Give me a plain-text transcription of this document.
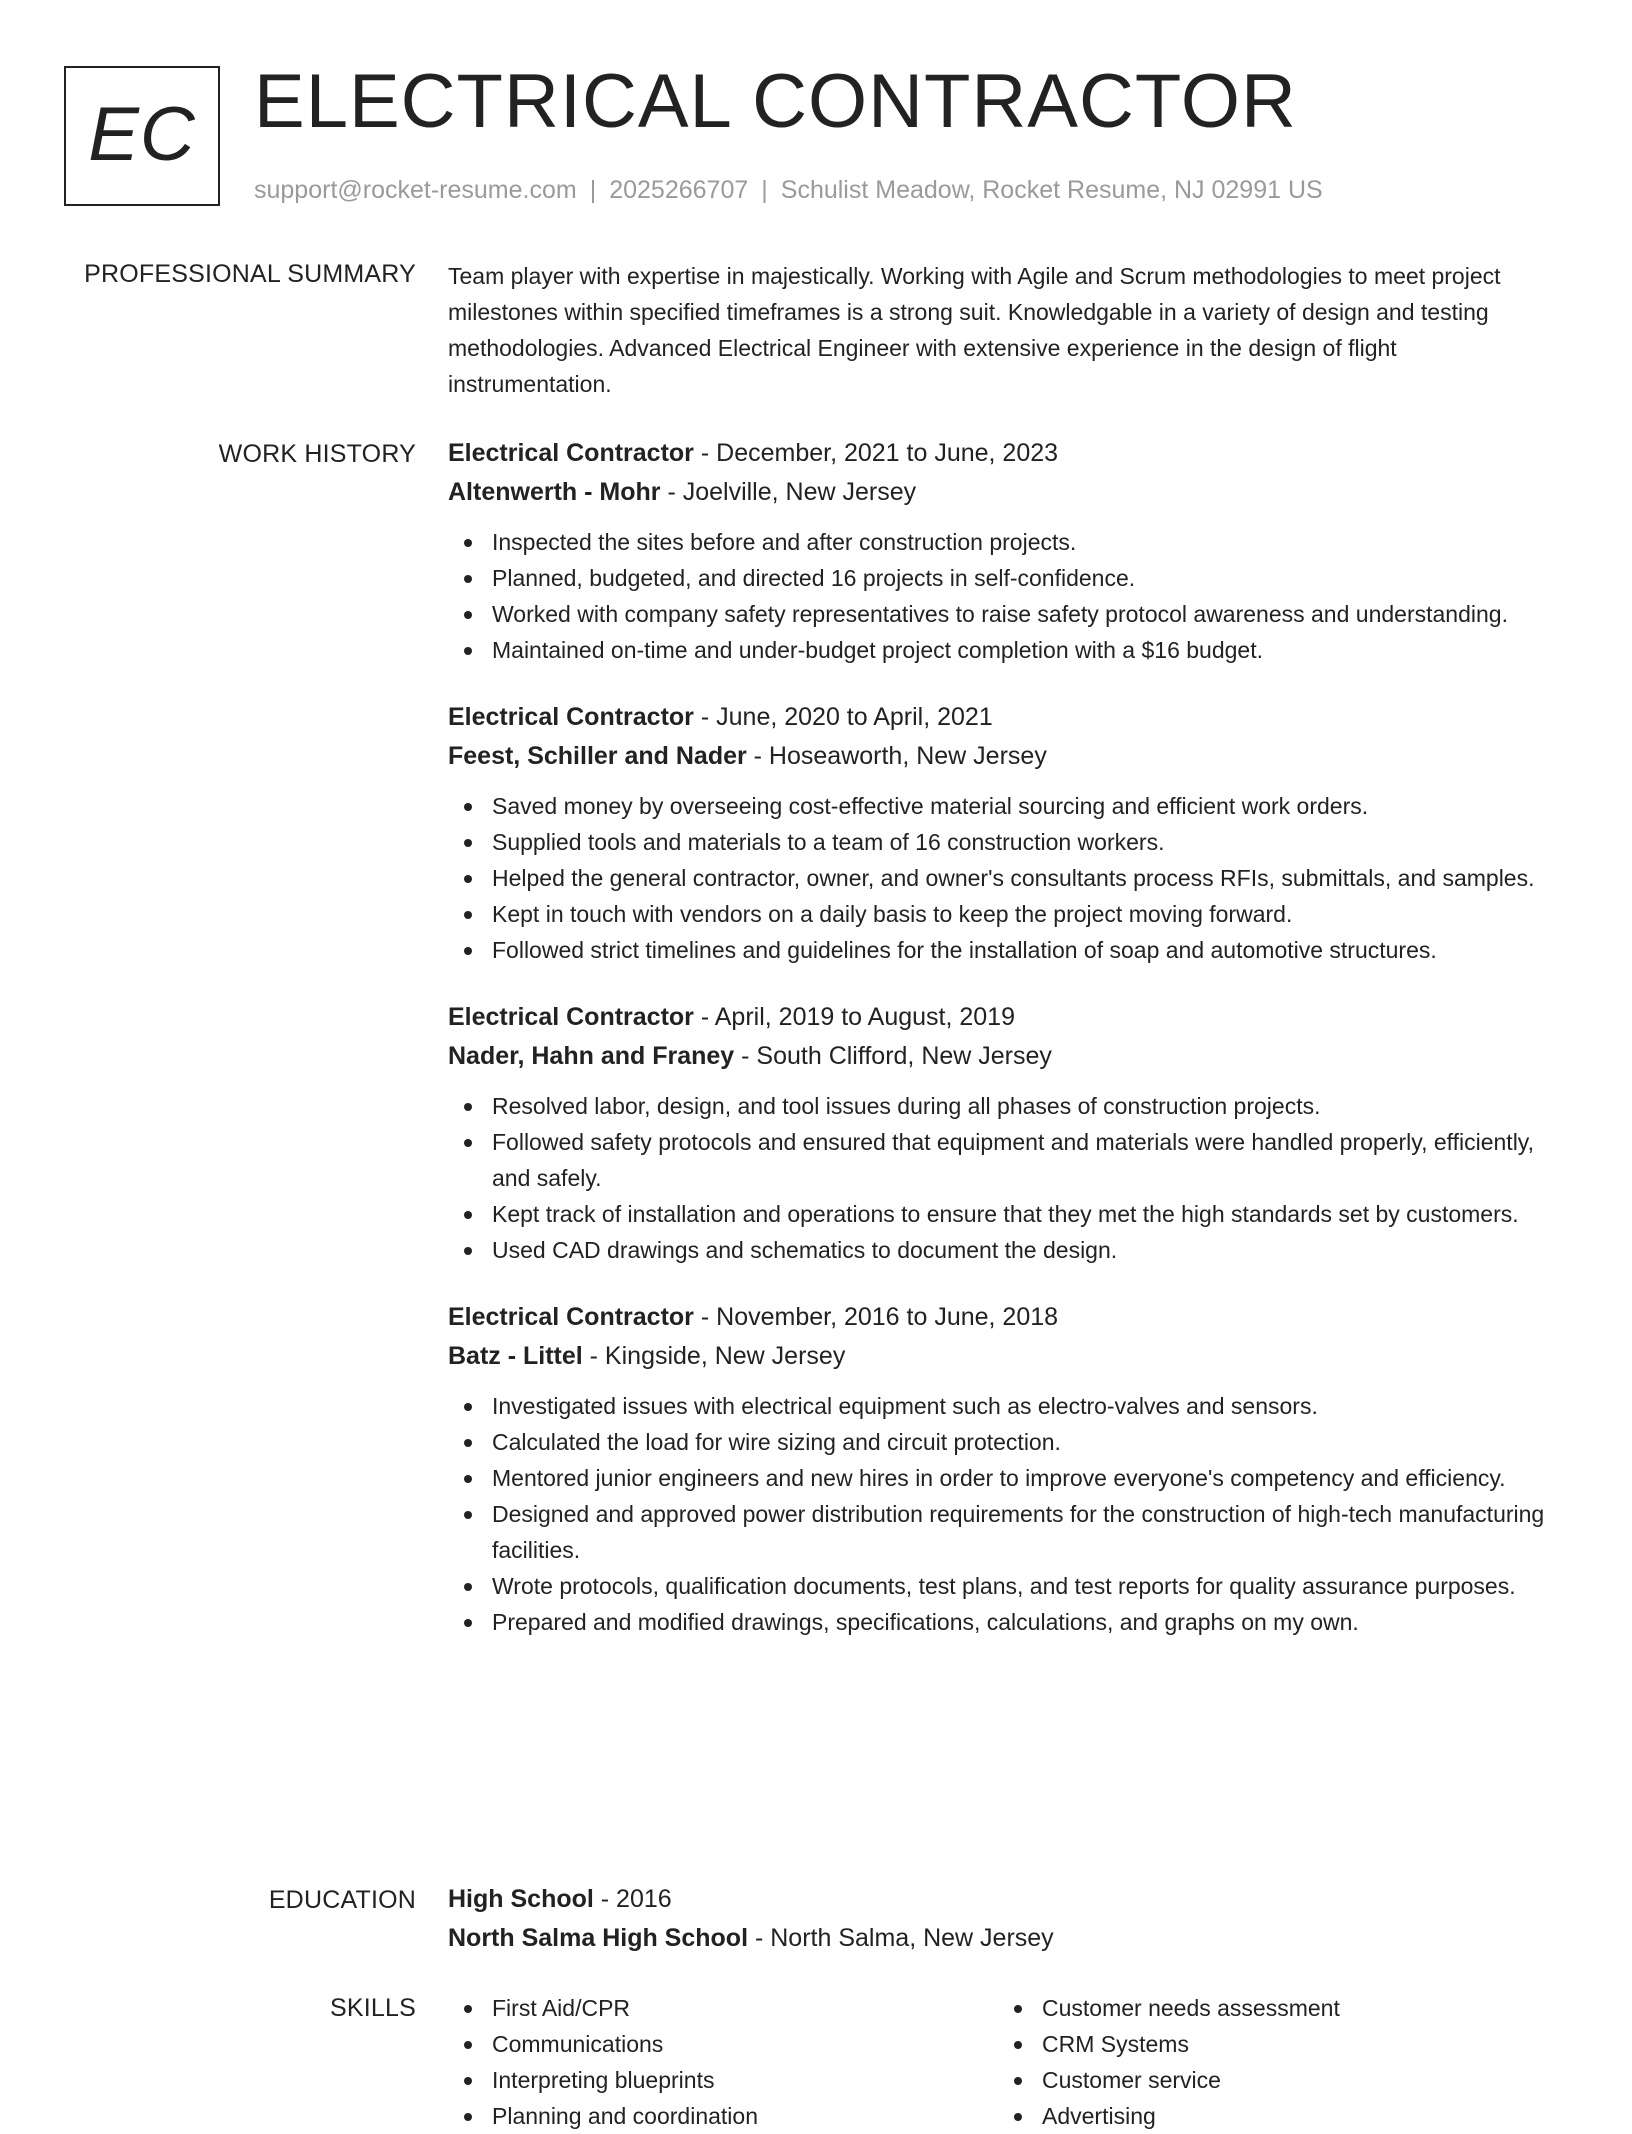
EC ELECTRICAL CONTRACTOR
support@rocket-resume.com | 2025266707 | Schulist Meadow, Rocket Resume, NJ 02991 US
PROFESSIONAL SUMMARY Team player with expertise in majestically. Working with Agile and Scrum methodologies to meet project milestones within specified timeframes is a strong suit. Knowledgable in a variety of design and testing methodologies. Advanced Electrical Engineer with extensive experience in the design of flight instrumentation.

WORK HISTORY Electrical Contractor - December, 2021 to June, 2023
Altenwerth - Mohr - Joelville, New Jersey
Inspected the sites before and after construction projects.
Planned, budgeted, and directed 16 projects in self-confidence.
Worked with company safety representatives to raise safety protocol awareness and understanding.
Maintained on-time and under-budget project completion with a $16 budget.
Electrical Contractor - June, 2020 to April, 2021
Feest, Schiller and Nader - Hoseaworth, New Jersey
Saved money by overseeing cost-effective material sourcing and efficient work orders.
Supplied tools and materials to a team of 16 construction workers.
Helped the general contractor, owner, and owner's consultants process RFIs, submittals, and samples.
Kept in touch with vendors on a daily basis to keep the project moving forward.
Followed strict timelines and guidelines for the installation of soap and automotive structures.
Electrical Contractor - April, 2019 to August, 2019
Nader, Hahn and Franey - South Clifford, New Jersey
Resolved labor, design, and tool issues during all phases of construction projects.
Followed safety protocols and ensured that equipment and materials were handled properly, efficiently, and safely.
Kept track of installation and operations to ensure that they met the high standards set by customers.
Used CAD drawings and schematics to document the design.
Electrical Contractor - November, 2016 to June, 2018
Batz - Littel - Kingside, New Jersey
Investigated issues with electrical equipment such as electro-valves and sensors.
Calculated the load for wire sizing and circuit protection.
Mentored junior engineers and new hires in order to improve everyone's competency and efficiency.
Designed and approved power distribution requirements for the construction of high-tech manufacturing facilities.
Wrote protocols, qualification documents, test plans, and test reports for quality assurance purposes.
Prepared and modified drawings, specifications, calculations, and graphs on my own.
EDUCATION High School - 2016
North Salma High School - North Salma, New Jersey
SKILLS	First Aid/CPR
Communications
Interpreting blueprints
Planning and coordination
Customer needs assessment
CRM Systems
Customer service
Advertising
